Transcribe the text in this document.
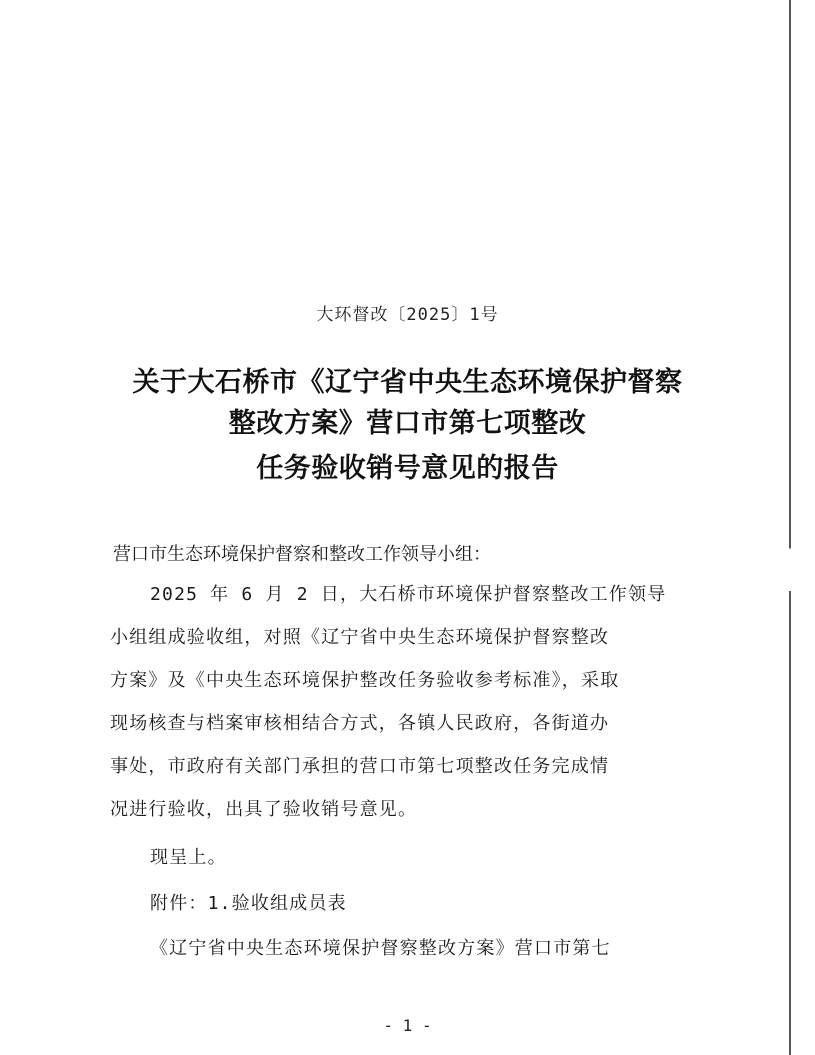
大环督改〔2025〕1号
关于大石桥市《辽宁省中央生态环境保护督察
整改方案》营口市第七项整改
任务验收销号意见的报告
营口市生态环境保护督察和整改工作领导小组：
2025 年 6 月 2 日，大石桥市环境保护督察整改工作领导
小组组成验收组，对照《辽宁省中央生态环境保护督察整改
方案》及《中央生态环境保护整改任务验收参考标准》，采取
现场核查与档案审核相结合方式，各镇人民政府，各街道办
事处，市政府有关部门承担的营口市第七项整改任务完成情
况进行验收，出具了验收销号意见。
现呈上。
附件：1.验收组成员表
《辽宁省中央生态环境保护督察整改方案》营口市第七
- 1 -
